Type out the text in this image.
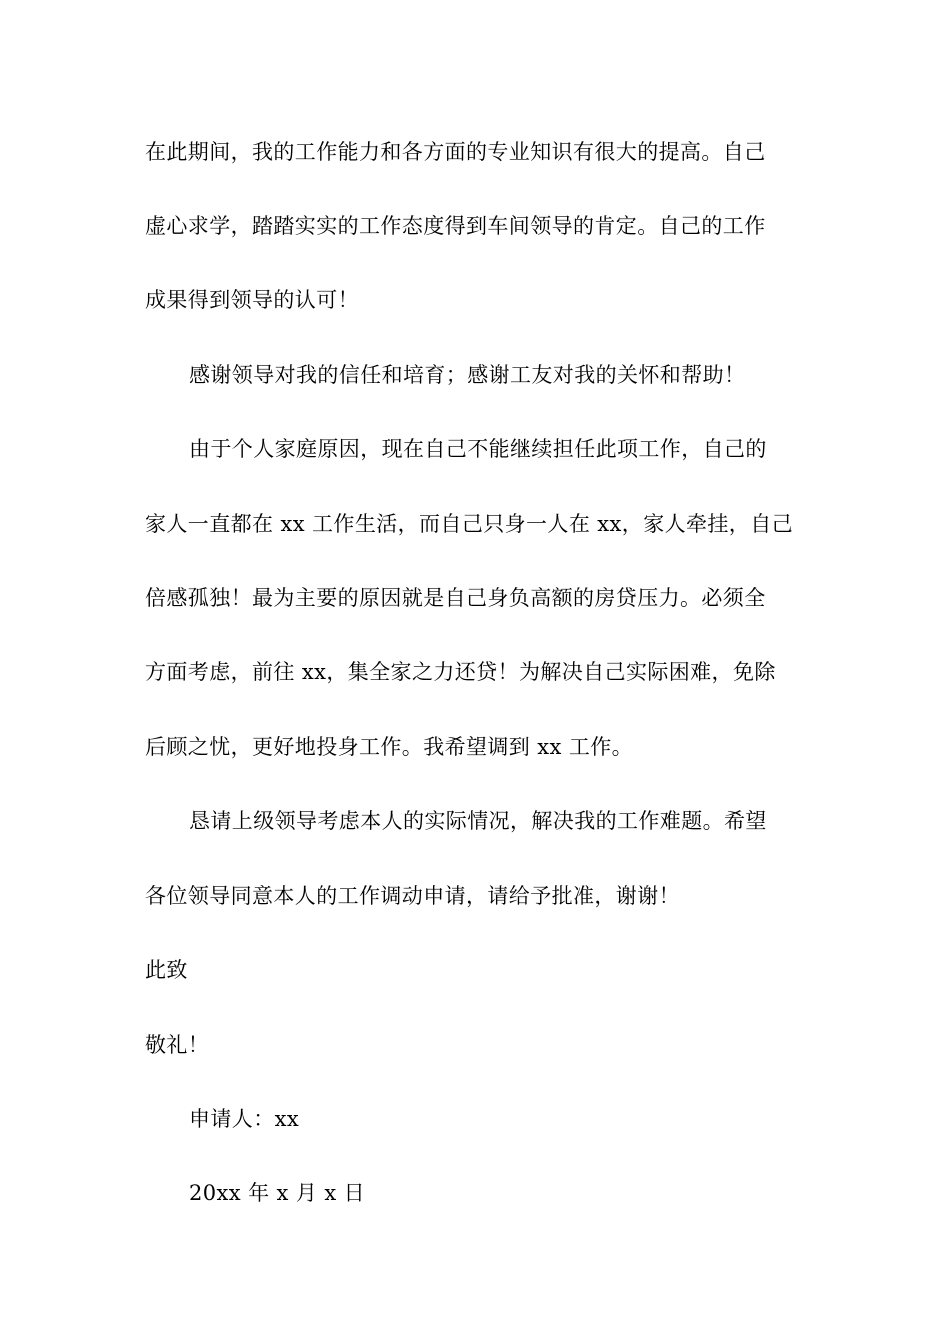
在此期间，我的工作能力和各方面的专业知识有很大的提高。自己
虚心求学，踏踏实实的工作态度得到车间领导的肯定。自己的工作
成果得到领导的认可！
感谢领导对我的信任和培育；感谢工友对我的关怀和帮助！
由于个人家庭原因，现在自己不能继续担任此项工作，自己的
家人一直都在 xx 工作生活，而自己只身一人在 xx，家人牵挂，自己
倍感孤独！最为主要的原因就是自己身负高额的房贷压力。必须全
方面考虑，前往 xx，集全家之力还贷！为解决自己实际困难，免除
后顾之忧，更好地投身工作。我希望调到 xx 工作。
恳请上级领导考虑本人的实际情况，解决我的工作难题。希望
各位领导同意本人的工作调动申请，请给予批准，谢谢！
此致
敬礼！
申请人：xx
20xx 年 x 月 x 日
